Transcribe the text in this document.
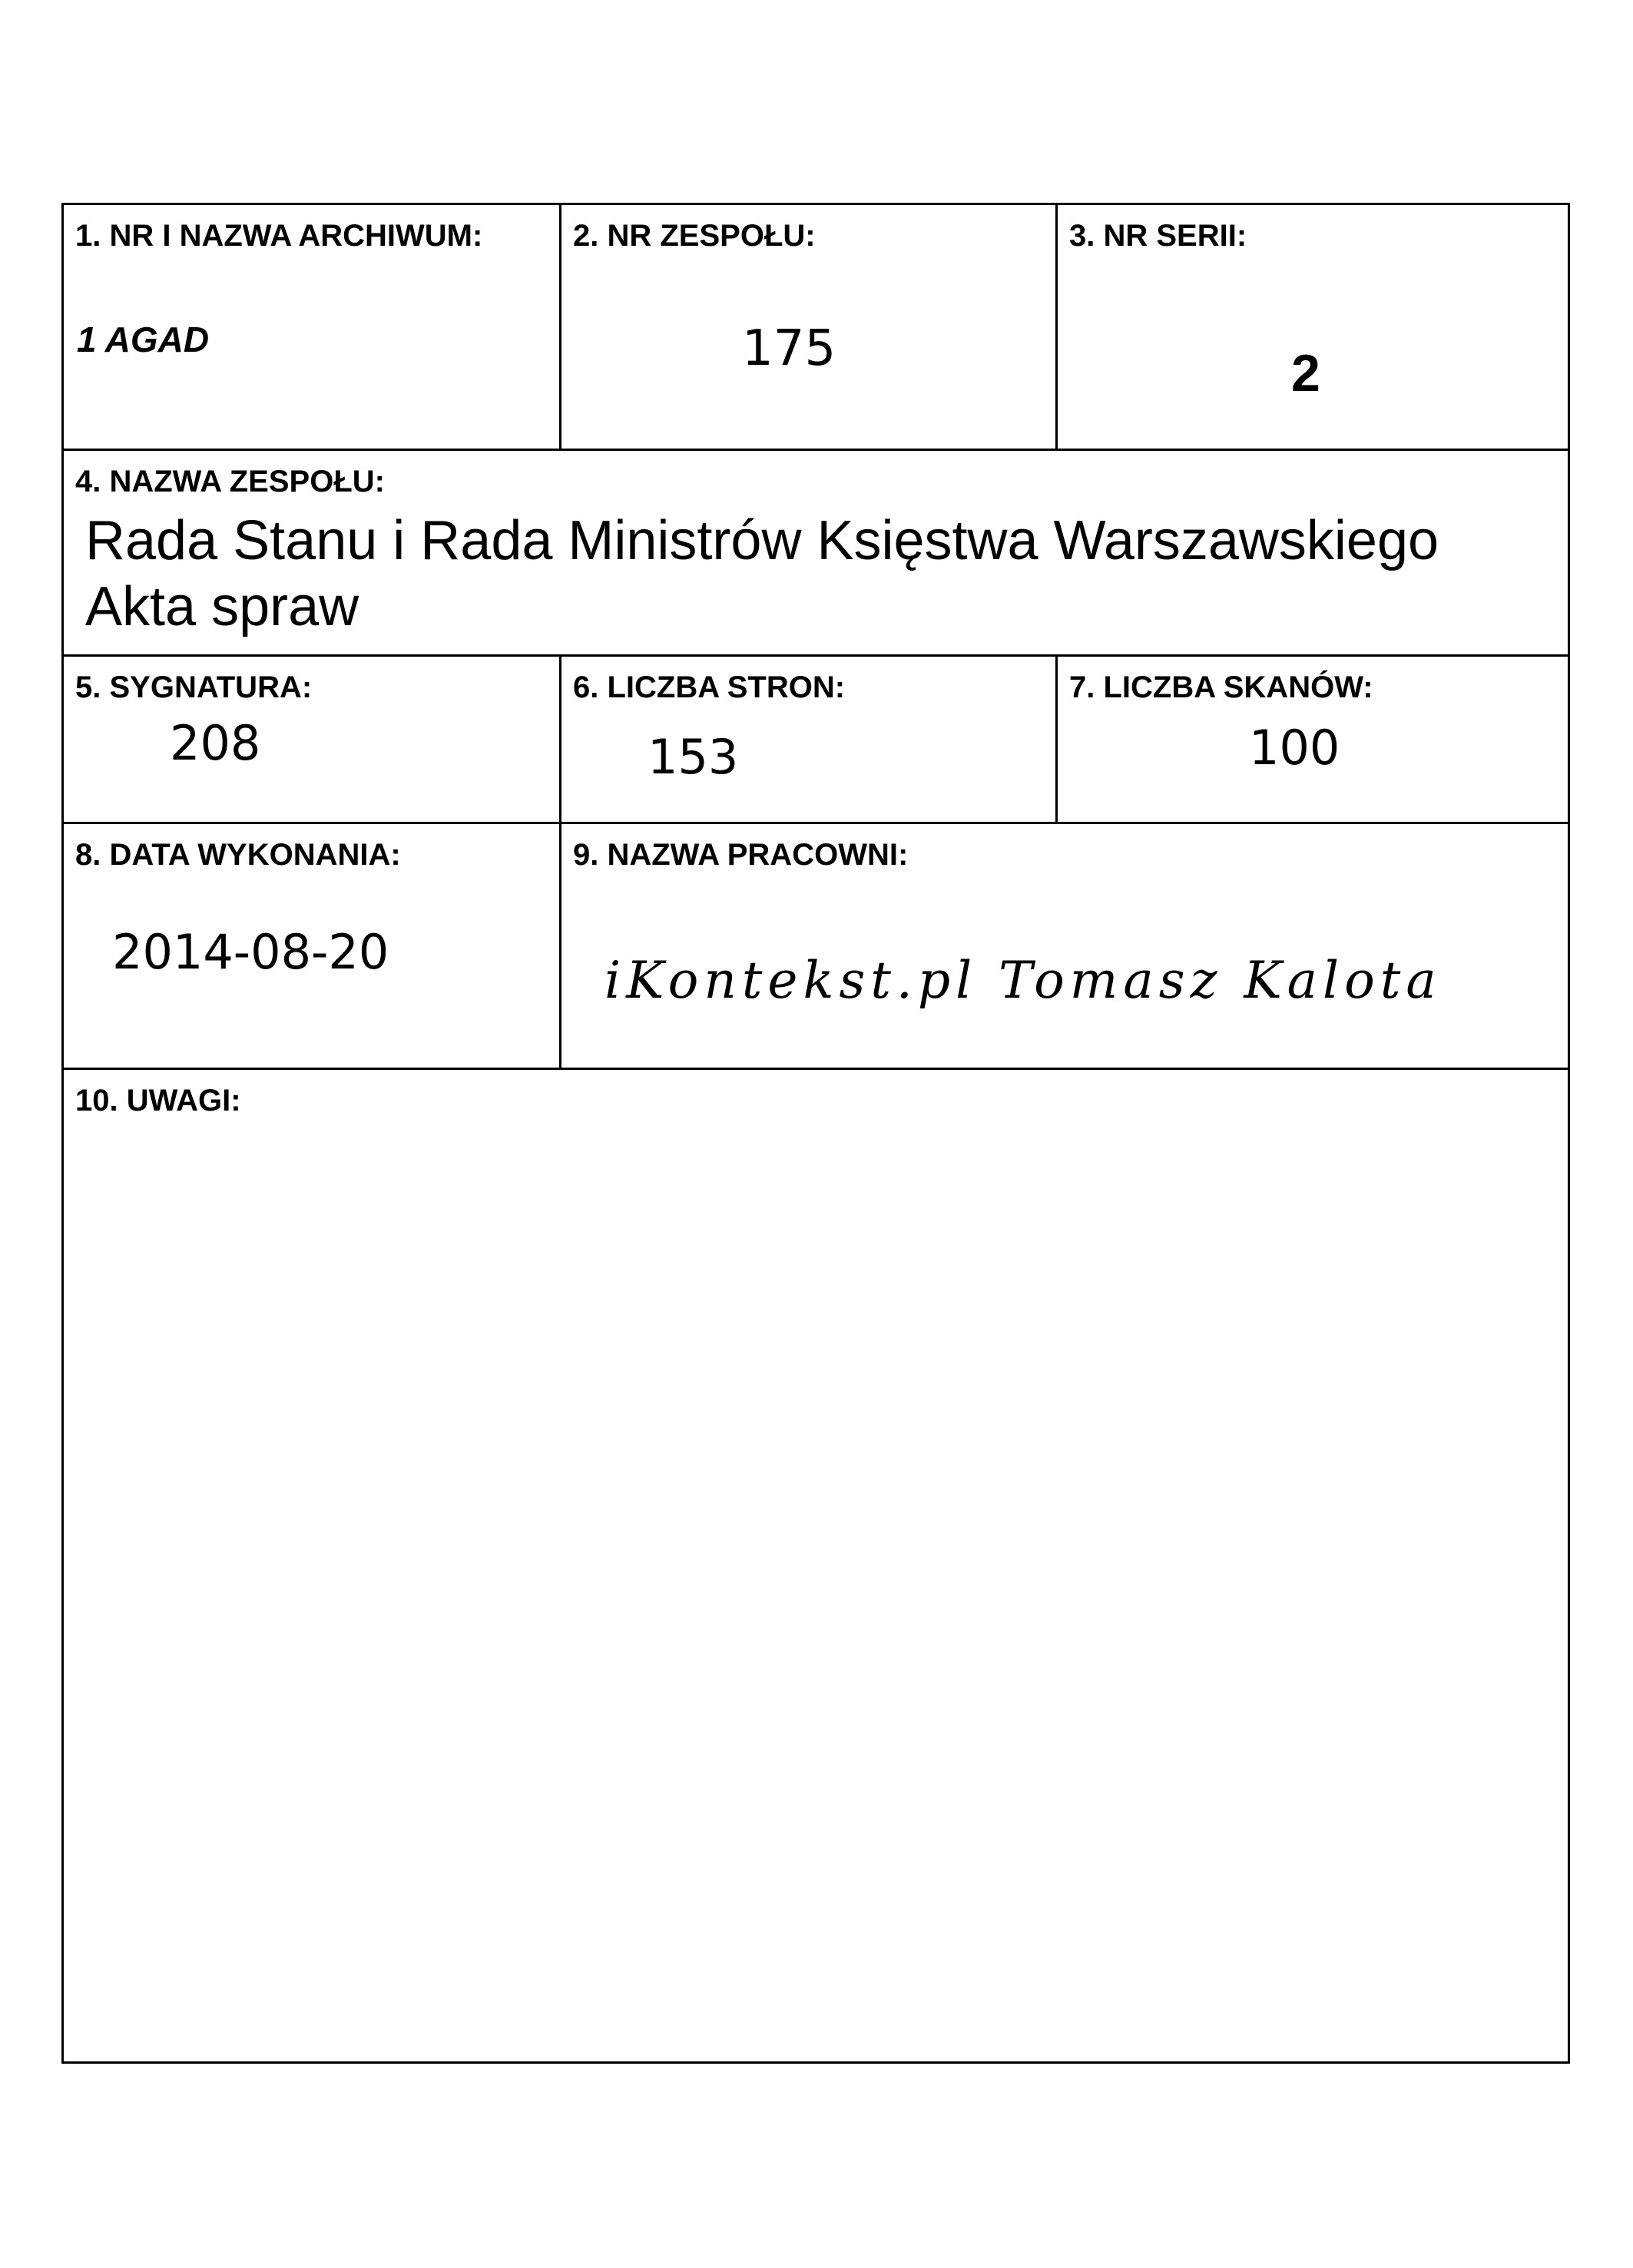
1. NR I NAZWA ARCHIWUM:
1 AGAD
2. NR ZESPOŁU:
175
3. NR SERII:
2
4. NAZWA ZESPOŁU:
Rada Stanu i Rada Ministrów Księstwa Warszawskiego
Akta spraw
5. SYGNATURA:
208
6. LICZBA STRON:
153
7. LICZBA SKANÓW:
100
8. DATA WYKONANIA:
2014-08-20
9. NAZWA PRACOWNI:
iKontekst.pl Tomasz Kalota
10. UWAGI:
